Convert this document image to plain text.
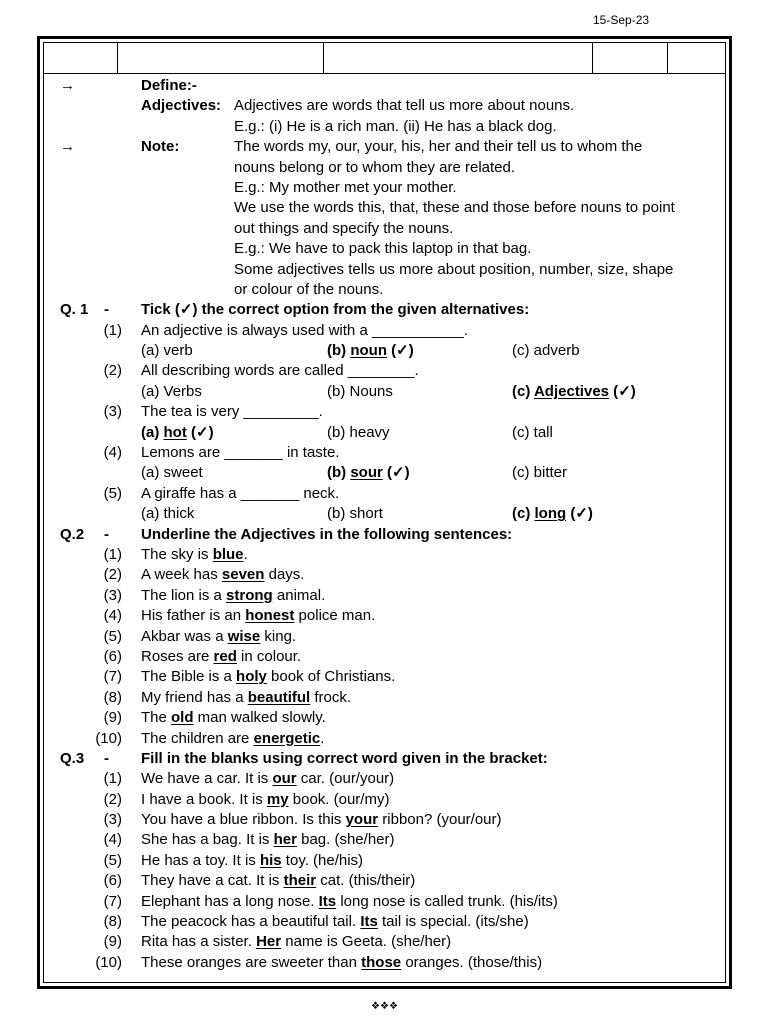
15-Sep-23
→	Define:-
Adjectives: Adjectives are words that tell us more about nouns.
E.g.: (i) He is a rich man. (ii) He has a black dog.
→	Note:	The words my, our, your, his, her and their tell us to whom the
nouns belong or to whom they are related.
E.g.: My mother met your mother.
We use the words this, that, these and those before nouns to point
out things and specify the nouns.
E.g.: We have to pack this laptop in that bag.
Some adjectives tells us more about position, number, size, shape
or colour of the nouns.
Q. 1 - Tick (✓) the correct option from the given alternatives:
(1) An adjective is always used with a ___________.
(a) verb	(b) noun (✓)	(c) adverb
(2) All describing words are called ________.
(a) Verbs	(b) Nouns	(c) Adjectives (✓)
(3) The tea is very _________.
(a) hot (✓)	(b) heavy	(c) tall
(4) Lemons are _______ in taste.
(a) sweet	(b) sour (✓)	(c) bitter
(5) A giraffe has a _______ neck.
(a) thick	(b) short	(c) long (✓)
Q.2 - Underline the Adjectives in the following sentences:
(1) The sky is blue.
(2) A week has seven days.
(3) The lion is a strong animal.
(4) His father is an honest police man.
(5) Akbar was a wise king.
(6) Roses are red in colour.
(7) The Bible is a holy book of Christians.
(8) My friend has a beautiful frock.
(9) The old man walked slowly.
(10) The children are energetic.
Q.3 - Fill in the blanks using correct word given in the bracket:
(1) We have a car. It is our car. (our/your)
(2) I have a book. It is my book. (our/my)
(3) You have a blue ribbon. Is this your ribbon? (your/our)
(4) She has a bag. It is her bag. (she/her)
(5) He has a toy. It is his toy. (he/his)
(6) They have a cat. It is their cat. (this/their)
(7) Elephant has a long nose. Its long nose is called trunk. (his/its)
(8) The peacock has a beautiful tail. Its tail is special. (its/she)
(9) Rita has a sister. Her name is Geeta. (she/her)
(10) These oranges are sweeter than those oranges. (those/this)
❖❖❖
